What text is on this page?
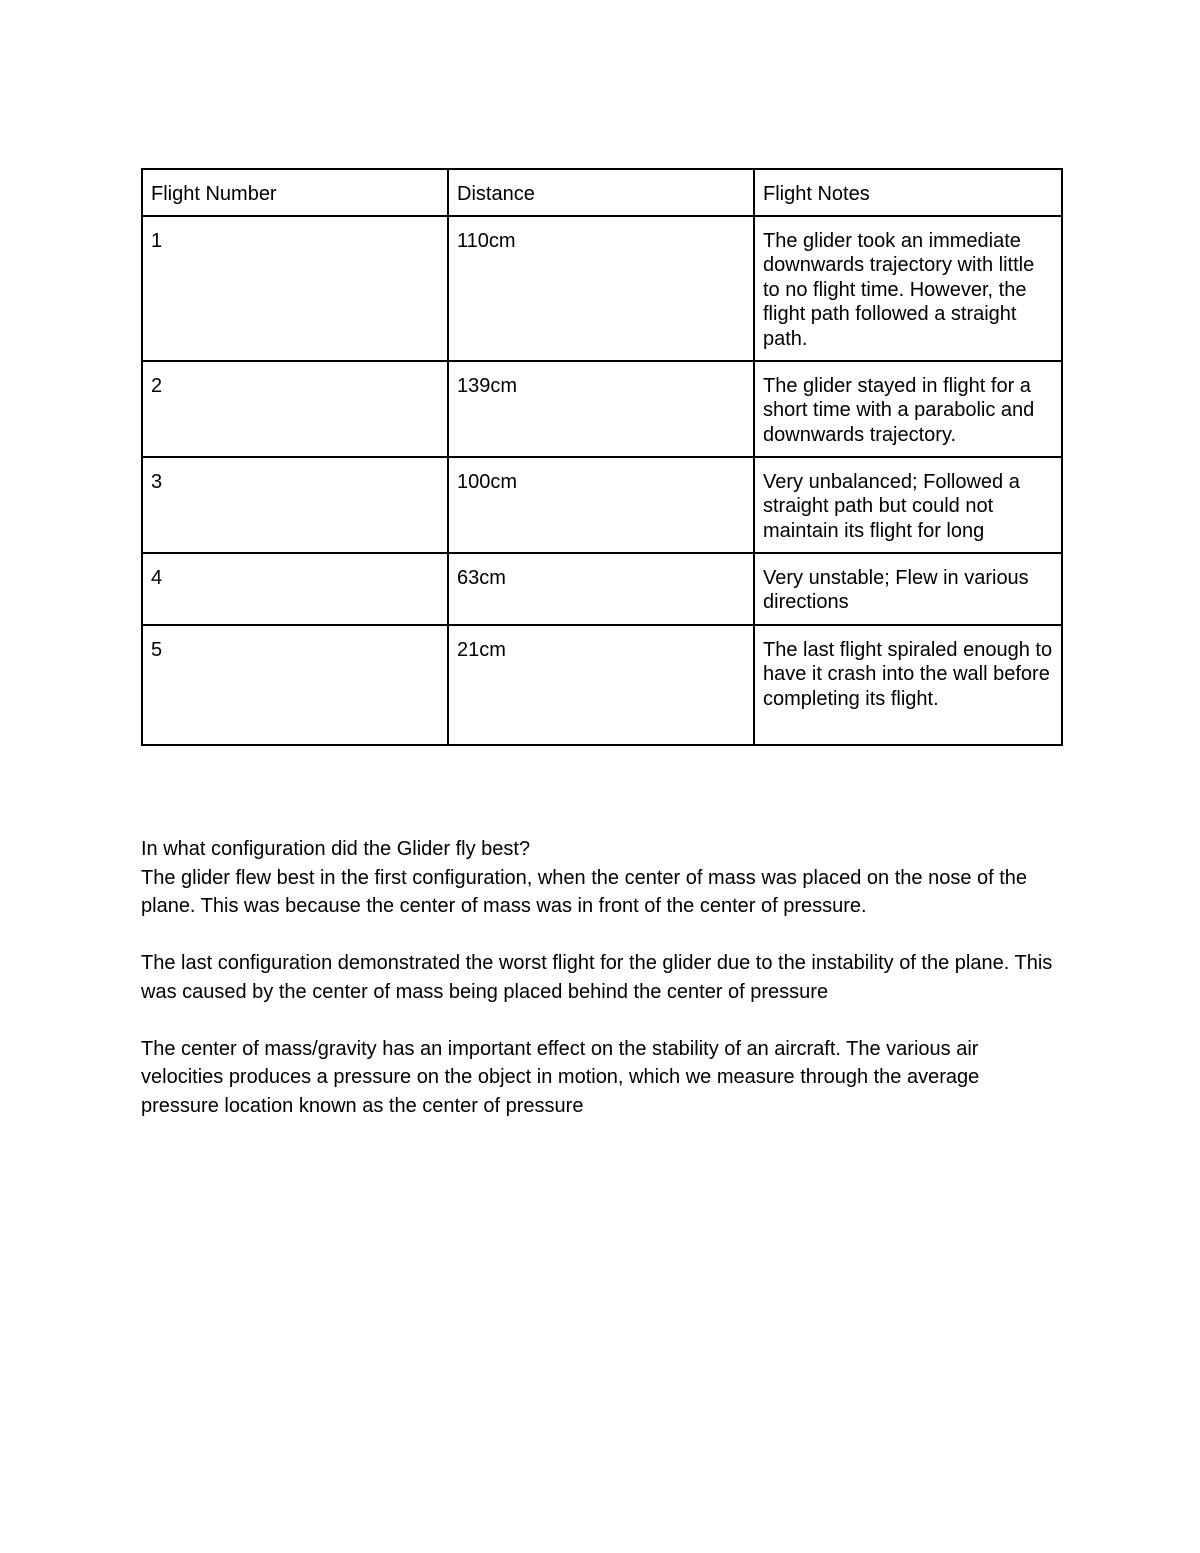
Flight Number	Distance	Flight Notes
1	110cm	The glider took an immediate downwards trajectory with little to no flight time. However, the flight path followed a straight path.
2	139cm	The glider stayed in flight for a short time with a parabolic and downwards trajectory.
3	100cm	Very unbalanced; Followed a straight path but could not maintain its flight for long
4	63cm	Very unstable; Flew in various directions
5	21cm	The last flight spiraled enough to have it crash into the wall before completing its flight.

In what configuration did the Glider fly best?

The glider flew best in the first configuration, when the center of mass was placed on the nose of the plane. This was because the center of mass was in front of the center of pressure.

The last configuration demonstrated the worst flight for the glider due to the instability of the plane. This was caused by the center of mass being placed behind the center of pressure

The center of mass/gravity has an important effect on the stability of an aircraft. The various air velocities produces a pressure on the object in motion, which we measure through the average pressure location known as the center of pressure
